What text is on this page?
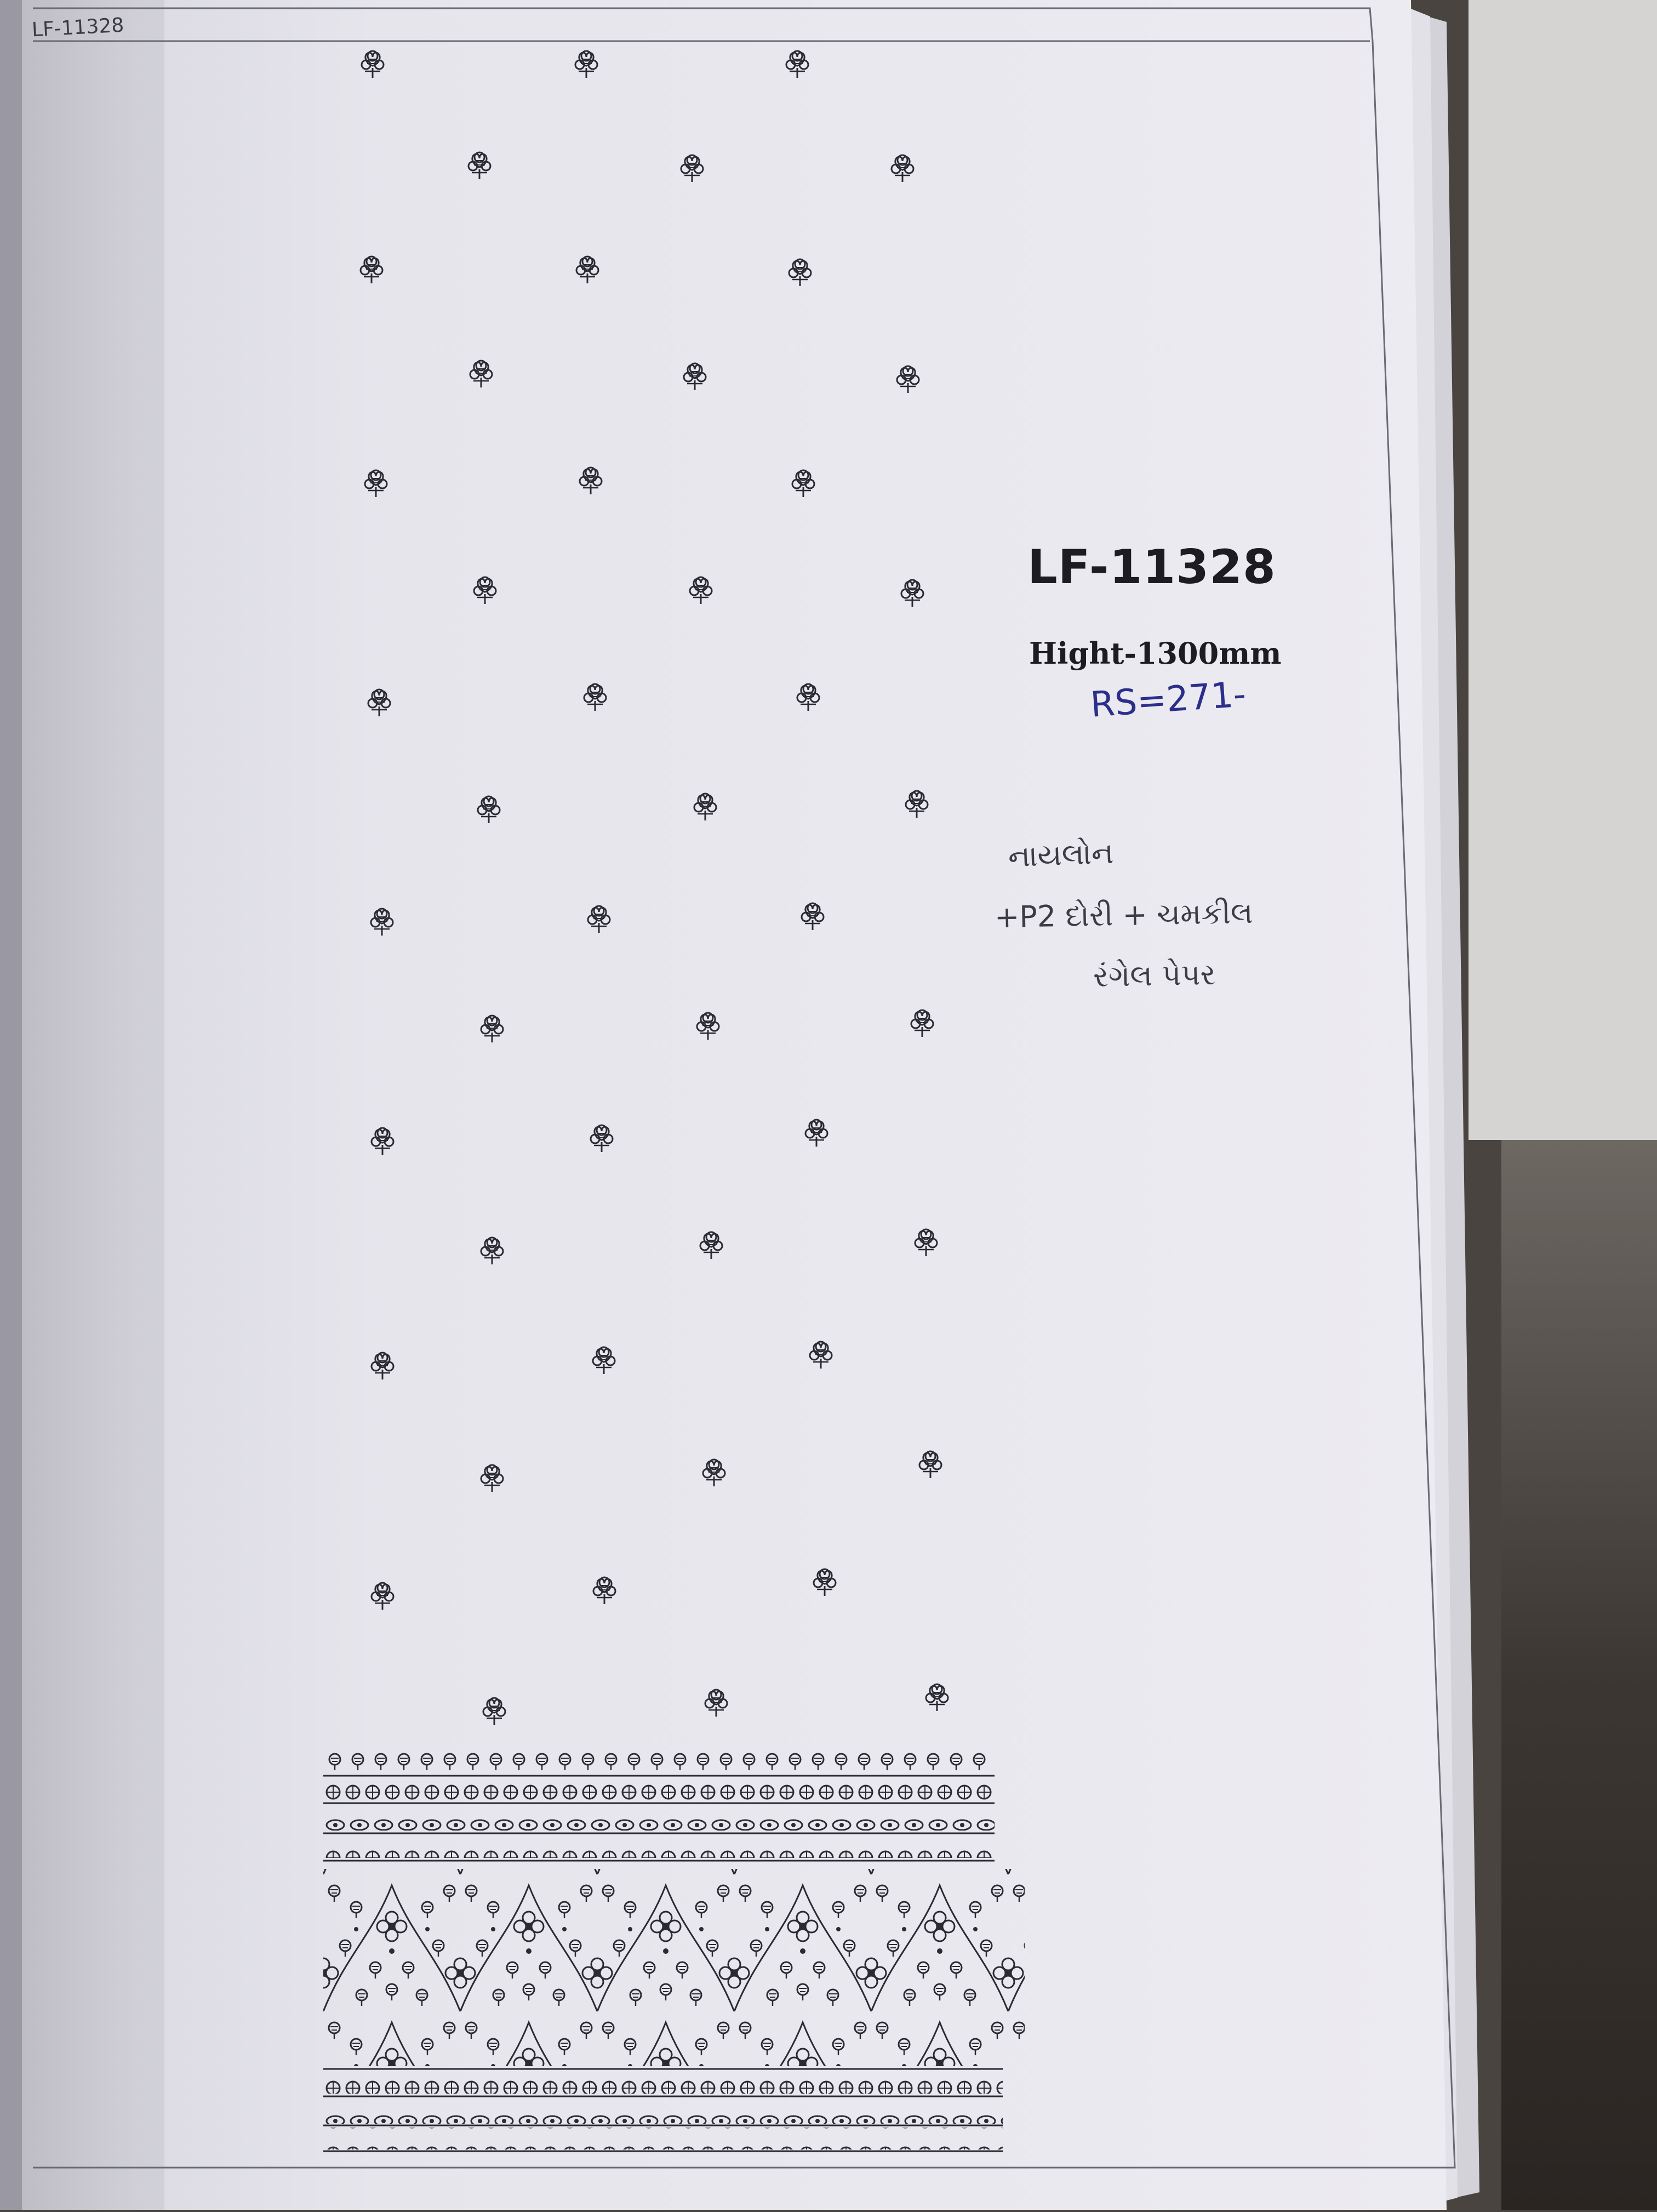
LF-11328
LF-11328
Hight-1300mm
RS=271-
નાયલોન
+P2 દોરી + ચમકીલ
રંગેલ પેપર
